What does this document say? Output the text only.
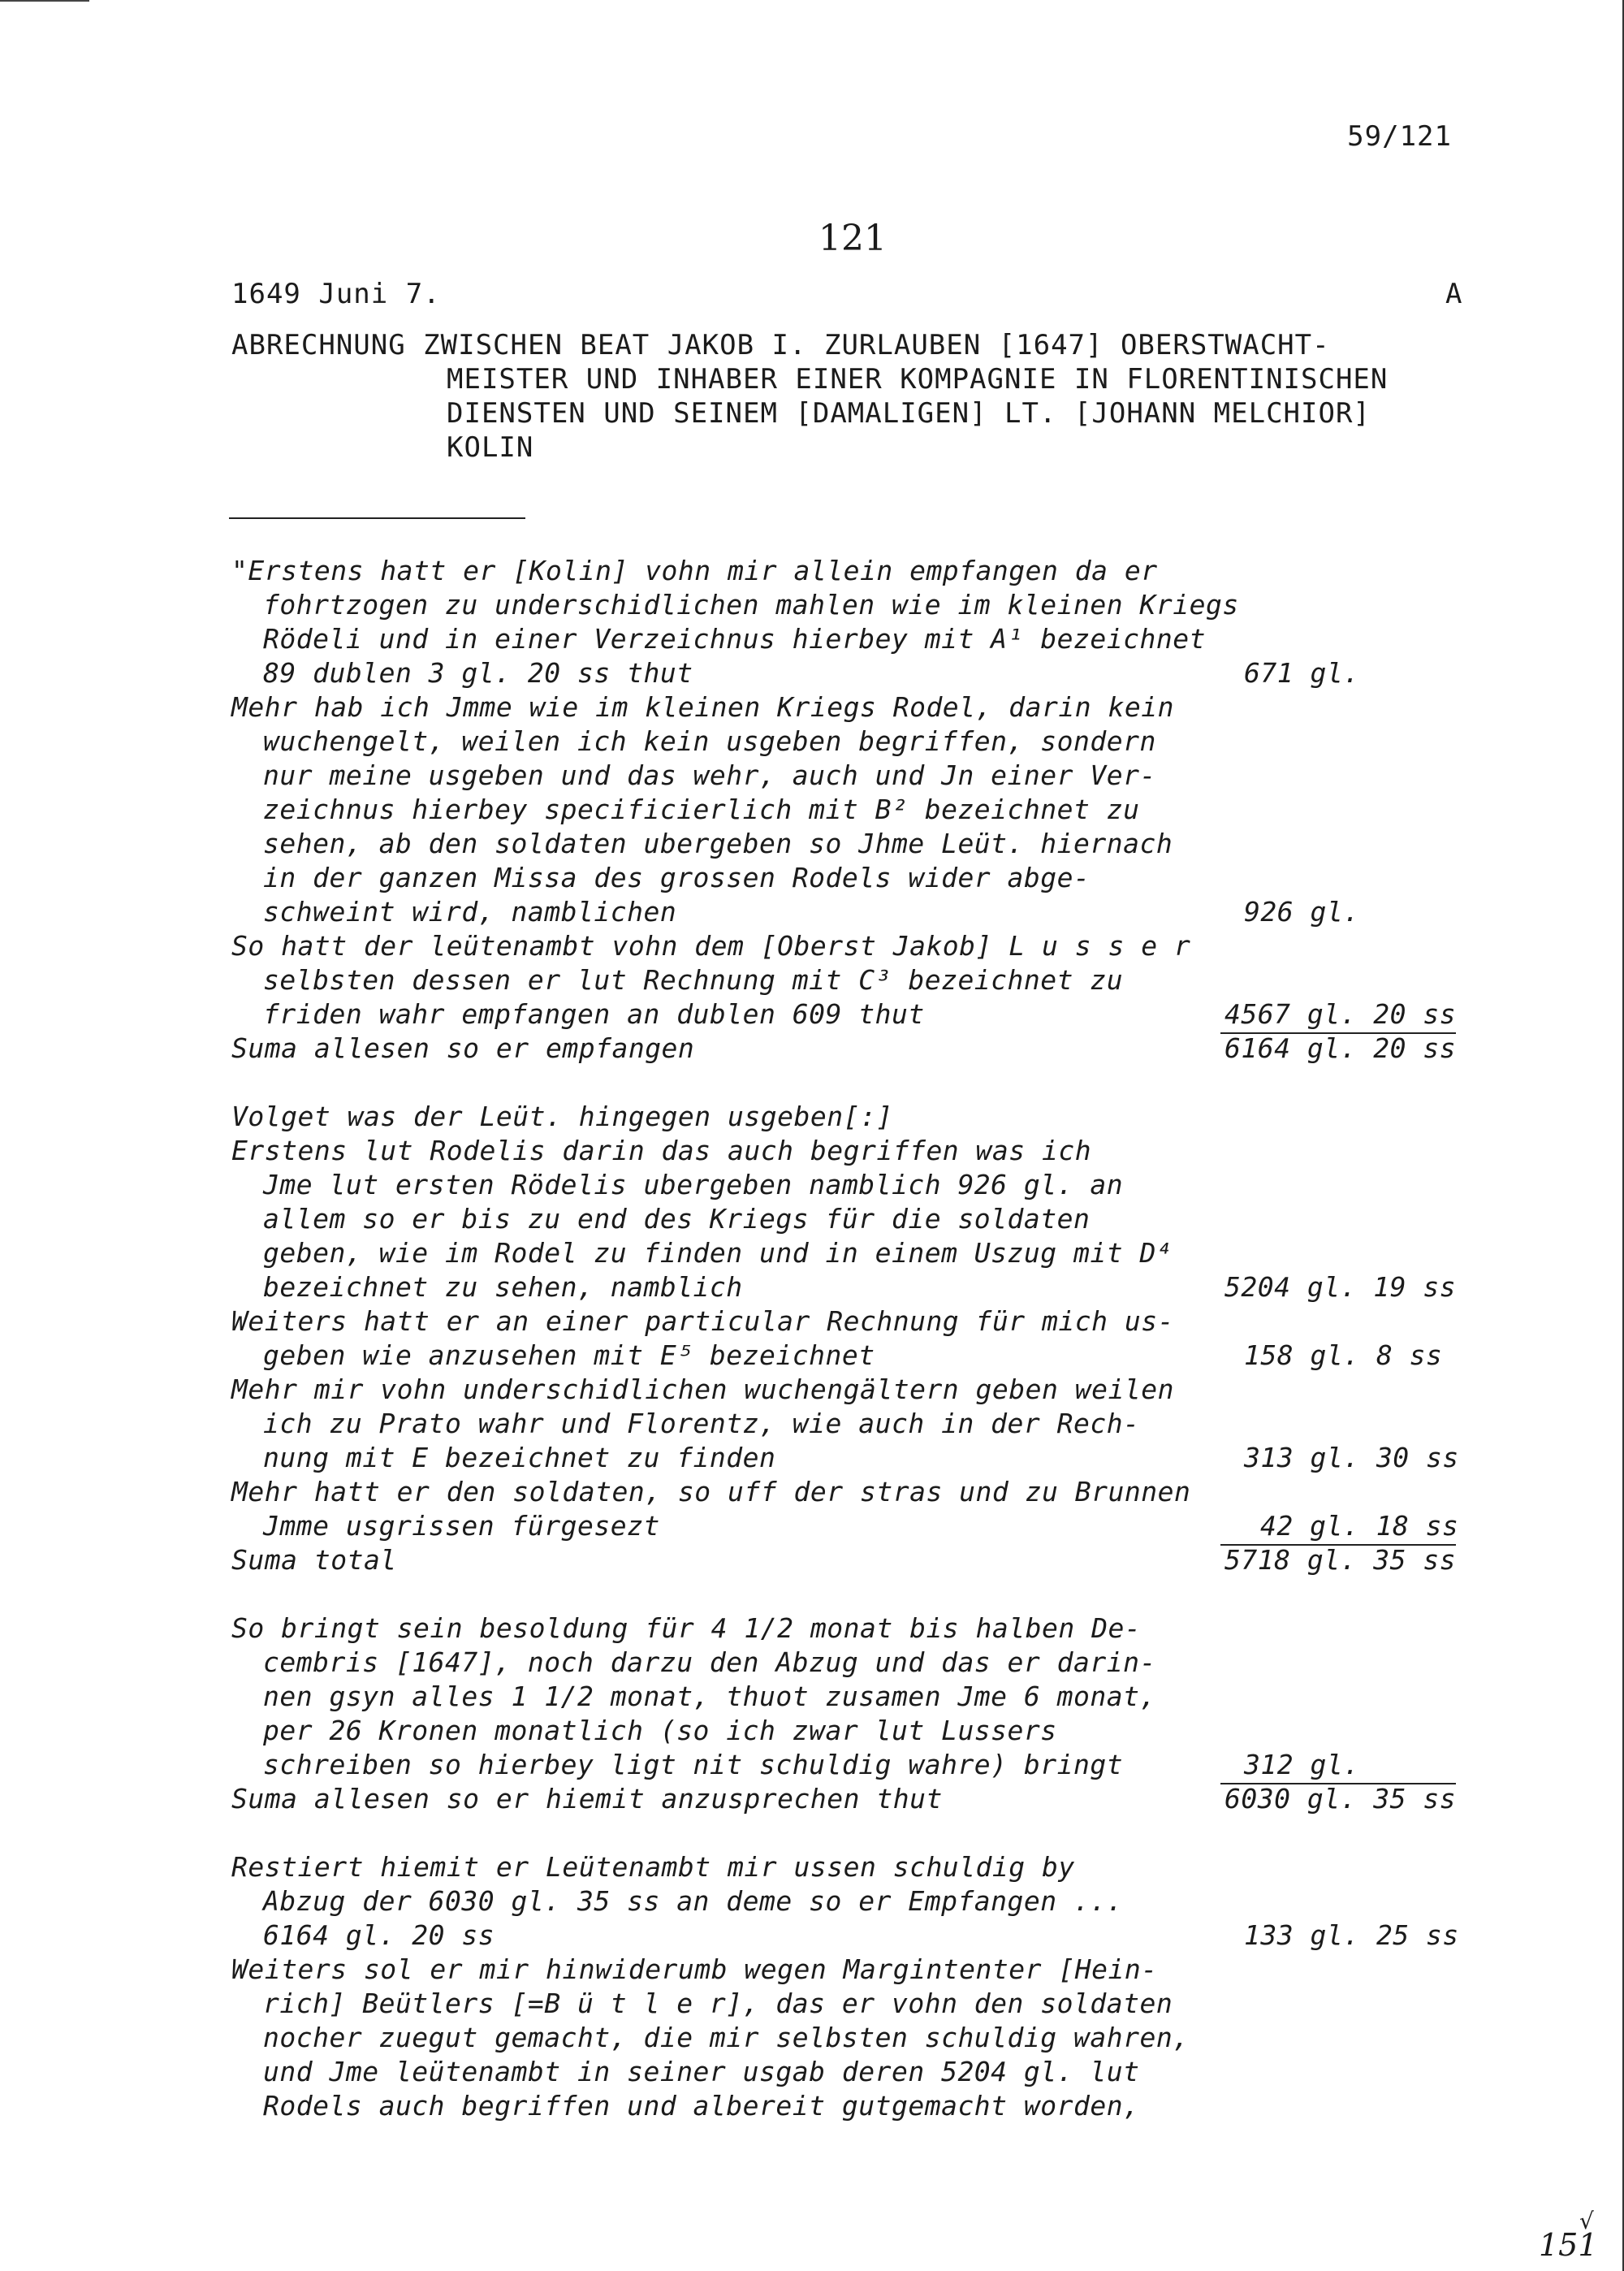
59/121
121
1649 Juni 7.	A
ABRECHNUNG ZWISCHEN BEAT JAKOB I. ZURLAUBEN [1647] OBERSTWACHT-
MEISTER UND INHABER EINER KOMPAGNIE IN FLORENTINISCHEN
DIENSTEN UND SEINEM [DAMALIGEN] LT. [JOHANN MELCHIOR]
KOLIN
"Erstens hatt er [Kolin] vohn mir allein empfangen da er
fohrtzogen zu underschidlichen mahlen wie im kleinen Kriegs
Rödeli und in einer Verzeichnus hierbey mit A¹ bezeichnet
89 dublen 3 gl. 20 ss thut
Mehr hab ich Jmme wie im kleinen Kriegs Rodel, darin kein
wuchengelt, weilen ich kein usgeben begriffen, sondern
nur meine usgeben und das wehr, auch und Jn einer Ver-
zeichnus hierbey specificierlich mit B² bezeichnet zu
sehen, ab den soldaten ubergeben so Jhme Leüt. hiernach
in der ganzen Missa des grossen Rodels wider abge-
schweint wird, namblichen
So hatt der leütenambt vohn dem [Oberst Jakob] L u s s e r
selbsten dessen er lut Rechnung mit C³ bezeichnet zu
friden wahr empfangen an dublen 609 thut
Suma allesen so er empfangen
Volget was der Leüt. hingegen usgeben[:]
Erstens lut Rodelis darin das auch begriffen was ich
Jme lut ersten Rödelis ubergeben namblich 926 gl. an
allem so er bis zu end des Kriegs für die soldaten
geben, wie im Rodel zu finden und in einem Uszug mit D⁴
bezeichnet zu sehen, namblich
Weiters hatt er an einer particular Rechnung für mich us-
geben wie anzusehen mit E⁵ bezeichnet
Mehr mir vohn underschidlichen wuchengältern geben weilen
ich zu Prato wahr und Florentz, wie auch in der Rech-
nung mit E bezeichnet zu finden
Mehr hatt er den soldaten, so uff der stras und zu Brunnen
Jmme usgrissen fürgesezt
Suma total
So bringt sein besoldung für 4 1/2 monat bis halben De-
cembris [1647], noch darzu den Abzug und das er darin-
nen gsyn alles 1 1/2 monat, thuot zusamen Jme 6 monat,
per 26 Kronen monatlich (so ich zwar lut Lussers
schreiben so hierbey ligt nit schuldig wahre) bringt
Suma allesen so er hiemit anzusprechen thut
Restiert hiemit er Leütenambt mir ussen schuldig by
Abzug der 6030 gl. 35 ss an deme so er Empfangen ...
6164 gl. 20 ss
Weiters sol er mir hinwiderumb wegen Margintenter [Hein-
rich] Beütlers [=B ü t l e r], das er vohn den soldaten
nocher zuegut gemacht, die mir selbsten schuldig wahren,
und Jme leütenambt in seiner usgab deren 5204 gl. lut
Rodels auch begriffen und albereit gutgemacht worden,
671 gl.
926 gl.
4567 gl. 20 ss
6164 gl. 20 ss
5204 gl. 19 ss
158 gl. 8 ss
313 gl. 30 ss
42 gl. 18 ss
5718 gl. 35 ss
312 gl.
6030 gl. 35 ss
133 gl. 25 ss
√
151
